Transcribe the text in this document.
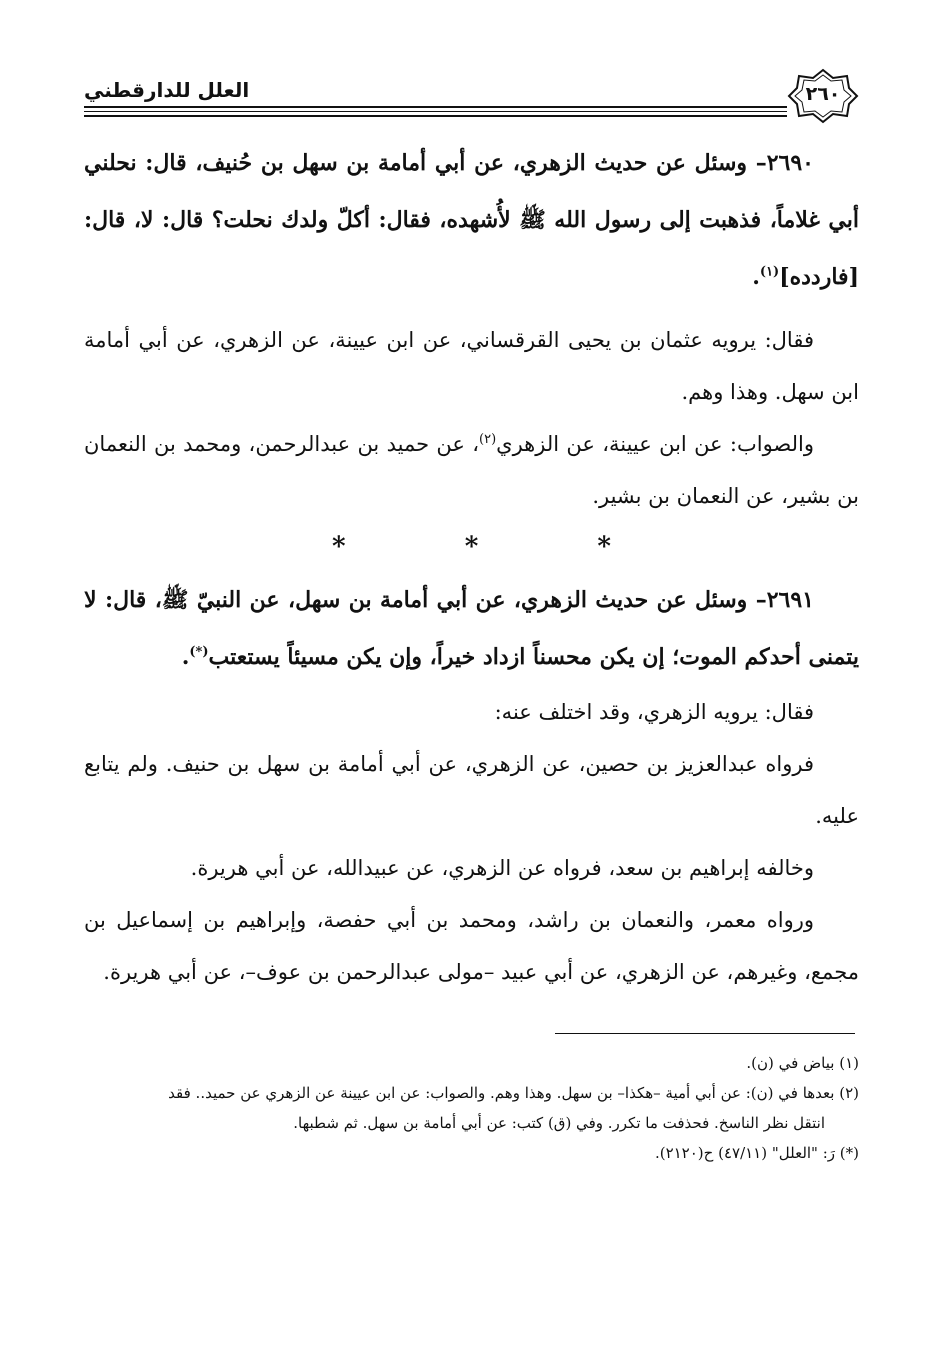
العلل للدارقطني	٢٦٠

٢٦٩٠– وسئل عن حديث الزهري، عن أبي أمامة بن سهل بن حُنيف، قال: نحلني أبي غلاماً، فذهبت إلى رسول الله ﷺ لأُشهده، فقال: أكلّ ولدك نحلت؟ قال: لا، قال: [فاردده]$^{(١)}$.

فقال: يرويه عثمان بن يحيى القرقساني، عن ابن عيينة، عن الزهري، عن أبي أمامة ابن سهل. وهذا وهم.

والصواب: عن ابن عيينة، عن الزهري$^{(٢)}$، عن حميد بن عبدالرحمن، ومحمد بن النعمان بن بشير، عن النعمان بن بشير.

* * *

٢٦٩١– وسئل عن حديث الزهري، عن أبي أمامة بن سهل، عن النبيّ ﷺ، قال: لا يتمنى أحدكم الموت؛ إن يكن محسناً ازداد خيراً، وإن يكن مسيئاً يستعتب(*).

فقال: يرويه الزهري، وقد اختلف عنه:

فرواه عبدالعزيز بن حصين، عن الزهري، عن أبي أمامة بن سهل بن حنيف. ولم يتابع عليه.

وخالفه إبراهيم بن سعد، فرواه عن الزهري، عن عبيدالله، عن أبي هريرة.

ورواه معمر، والنعمان بن راشد، ومحمد بن أبي حفصة، وإبراهيم بن إسماعيل بن مجمع، وغيرهم، عن الزهري، عن أبي عبيد –مولى عبدالرحمن بن عوف–، عن أبي هريرة.

(١) بياض في (ن).

(٢) بعدها في (ن): عن أبي أمية –هكذا– بن سهل. وهذا وهم. والصواب: عن ابن عيينة عن الزهري عن حميد.. فقد

انتقل نظر الناسخ. فحذفت ما تكرر. وفي (ق) كتب: عن أبي أمامة بن سهل. ثم شطبها.

(*) رَ: "العلل" (٤٧/١١) ح(٢١٢٠).
